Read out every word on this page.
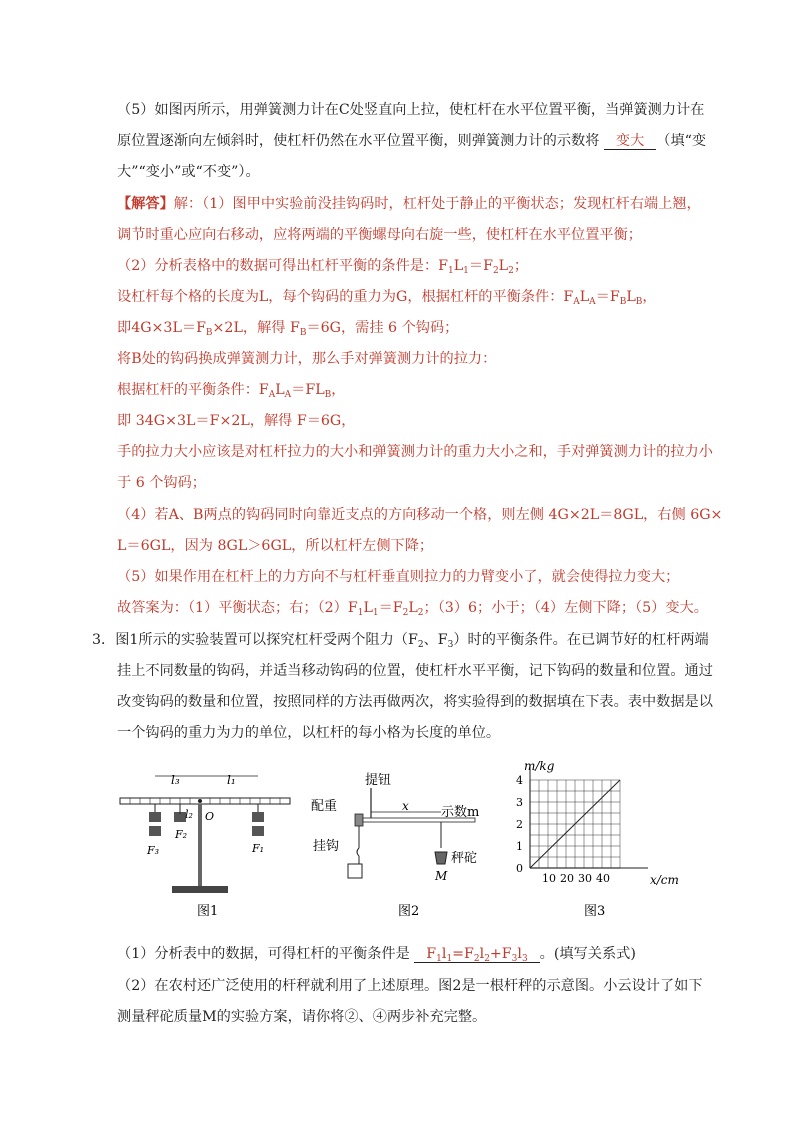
（5）如图丙所示，用弹簧测力计在C处竖直向上拉，使杠杆在水平位置平衡，当弹簧测力计在
原位置逐渐向左倾斜时，使杠杆仍然在水平位置平衡，则弹簧测力计的示数将 变大 （填“变
大”“变小”或“不变”）。
【解答】解：（1）图甲中实验前没挂钩码时，杠杆处于静止的平衡状态；发现杠杆右端上翘，
调节时重心应向右移动，应将两端的平衡螺母向右旋一些，使杠杆在水平位置平衡；
（2）分析表格中的数据可得出杠杆平衡的条件是：$F_1L_1=F_2L_2$；
设杠杆每个格的长度为L，每个钩码的重力为G，根据杠杆的平衡条件：$F_AL_A=F_BL_B$，
即$4G\times 3L=F_B\times 2L$，解得 $F_B=6G$，需挂 6 个钩码；
将B处的钩码换成弹簧测力计，那么手对弹簧测力计的拉力：
根据杠杆的平衡条件：$F_AL_A=FL_B$，
即 34G×3L＝F×2L，解得 F＝6G，
手的拉力大小应该是对杠杆拉力的大小和弹簧测力计的重力大小之和，手对弹簧测力计的拉力小
于 6 个钩码；
（4）若A、B两点的钩码同时向靠近支点的方向移动一个格，则左侧 4G×2L＝8GL，右侧 6G×
L＝6GL，因为 8GL＞6GL，所以杠杆左侧下降；
（5）如果作用在杠杆上的力方向不与杠杆垂直则拉力的力臂变小了，就会使得拉力变大；
故答案为：（1）平衡状态；右；$(2)F_1L_1=F_2L_2$；（3）6；小于；（4）左侧下降；（5）变大。
3．图1所示的实验装置可以探究杠杆受两个阻力（$F_2$、$F_3$）时的平衡条件。在已调节好的杠杆两端
挂上不同数量的钩码，并适当移动钩码的位置，使杠杆水平平衡，记下钩码的数量和位置。通过
改变钩码的数量和位置，按照同样的方法再做两次，将实验得到的数据填在下表。表中数据是以
一个钩码的重力为力的单位，以杠杆的每小格为长度的单位。
l₃	l₁
l₂ O
F₃
F₂
F₁
图1
提钮
配重	x 示数m
挂钩
秤砣
M
图2
0
1
2
3
4
10 20 30 40
m/kg
x/cm
图3
（1）分析表中的数据，可得杠杆的平衡条件是 $F_1l_1=F_2l_2+F_3l_3$ 。(填写关系式)
（2）在农村还广泛使用的杆秤就利用了上述原理。图2是一根杆秤的示意图。小云设计了如下
测量秤砣质量M的实验方案，请你将②、④两步补充完整。
